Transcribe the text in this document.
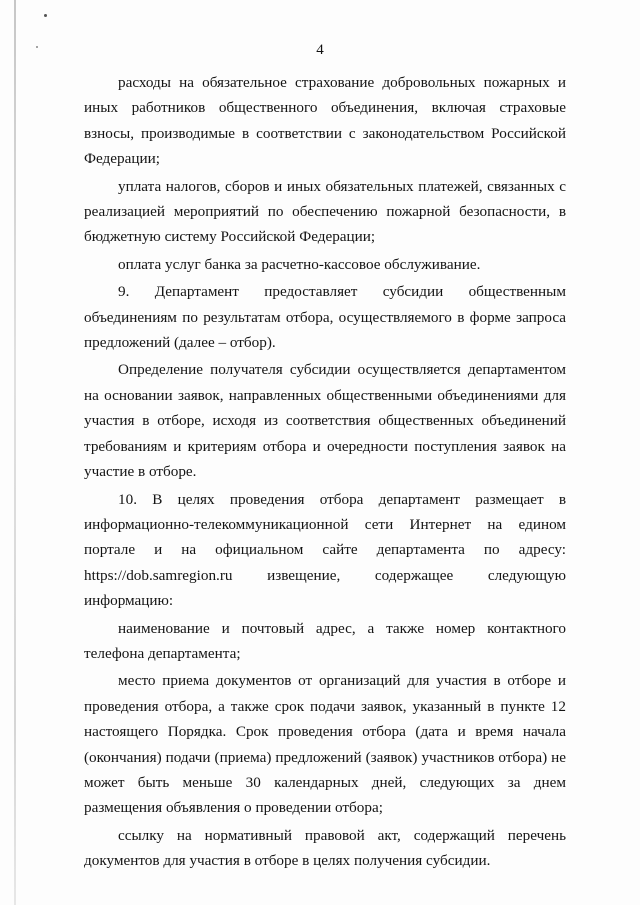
4

расходы на обязательное страхование добровольных пожарных и иных работников общественного объединения, включая страховые взносы, производимые в соответствии с законодательством Российской Федерации;

уплата налогов, сборов и иных обязательных платежей, связанных с реализацией мероприятий по обеспечению пожарной безопасности, в бюджетную систему Российской Федерации;

оплата услуг банка за расчетно-кассовое обслуживание.

9. Департамент предоставляет субсидии общественным объединениям по результатам отбора, осуществляемого в форме запроса предложений (далее – отбор).

Определение получателя субсидии осуществляется департаментом на основании заявок, направленных общественными объединениями для участия в отборе, исходя из соответствия общественных объединений требованиям и критериям отбора и очередности поступления заявок на участие в отборе.

10. В целях проведения отбора департамент размещает в информационно-телекоммуникационной сети Интернет на едином портале и на официальном сайте департамента по адресу: https://dob.samregion.ru извещение, содержащее следующую информацию:

наименование и почтовый адрес, а также номер контактного телефона департамента;

место приема документов от организаций для участия в отборе и проведения отбора, а также срок подачи заявок, указанный в пункте 12 настоящего Порядка. Срок проведения отбора (дата и время начала (окончания) подачи (приема) предложений (заявок) участников отбора) не может быть меньше 30 календарных дней, следующих за днем размещения объявления о проведении отбора;

ссылку на нормативный правовой акт, содержащий перечень документов для участия в отборе в целях получения субсидии.
